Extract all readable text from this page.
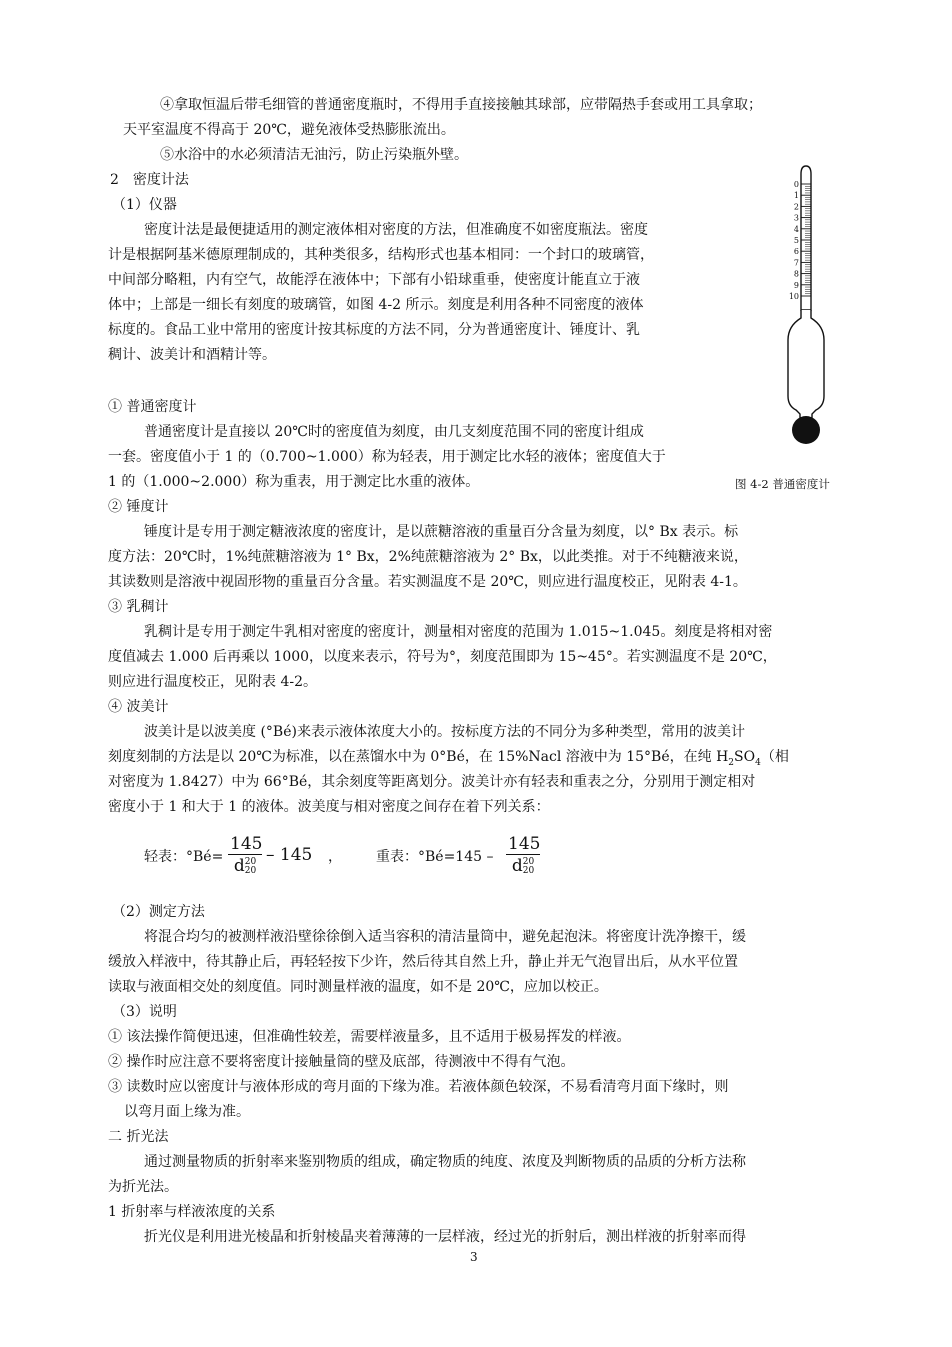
④拿取恒温后带毛细管的普通密度瓶时，不得用手直接接触其球部，应带隔热手套或用工具拿取；
天平室温度不得高于 20℃，避免液体受热膨胀流出。
⑤水浴中的水必须清洁无油污，防止污染瓶外壁。
2　密度计法
（1）仪器
密度计法是最便捷适用的测定液体相对密度的方法，但准确度不如密度瓶法。密度
计是根据阿基米德原理制成的，其种类很多，结构形式也基本相同：一个封口的玻璃管，
中间部分略粗，内有空气，故能浮在液体中；下部有小铅球重垂，使密度计能直立于液
体中；上部是一细长有刻度的玻璃管，如图 4-2 所示。刻度是利用各种不同密度的液体
标度的。食品工业中常用的密度计按其标度的方法不同，分为普通密度计、锤度计、乳
稠计、波美计和酒精计等。
① 普通密度计
普通密度计是直接以 20℃时的密度值为刻度，由几支刻度范围不同的密度计组成
一套。密度值小于 1 的（0.700~1.000）称为轻表，用于测定比水轻的液体；密度值大于
1 的（1.000~2.000）称为重表，用于测定比水重的液体。
② 锤度计
锤度计是专用于测定糖液浓度的密度计，是以蔗糖溶液的重量百分含量为刻度，以° Bx 表示。标
度方法：20℃时，1%纯蔗糖溶液为 1° Bx，2%纯蔗糖溶液为 2° Bx，以此类推。对于不纯糖液来说，
其读数则是溶液中视固形物的重量百分含量。若实测温度不是 20℃，则应进行温度校正，见附表 4-1。
③ 乳稠计
乳稠计是专用于测定牛乳相对密度的密度计，测量相对密度的范围为 1.015~1.045。刻度是将相对密
度值减去 1.000 后再乘以 1000，以度来表示，符号为°，刻度范围即为 15~45°。若实测温度不是 20℃，
则应进行温度校正，见附表 4-2。
④ 波美计
波美计是以波美度 (°Bé)来表示液体浓度大小的。按标度方法的不同分为多种类型，常用的波美计
刻度刻制的方法是以 20℃为标准，以在蒸馏水中为 0°Bé，在 15%Nacl 溶液中为 15°Bé，在纯 $H_2SO_4$（相
对密度为 1.8427）中为 66°Bé，其余刻度等距离划分。波美计亦有轻表和重表之分，分别用于测定相对
密度小于 1 和大于 1 的液体。波美度与相对密度之间存在着下列关系：
轻表：°Bé= 145
d 20
20 – 145 ， 重表：°Bé=145 – 145
d 20
20
（2）测定方法
将混合均匀的被测样液沿壁徐徐倒入适当容积的清洁量筒中，避免起泡沫。将密度计洗净擦干，缓
缓放入样液中，待其静止后，再轻轻按下少许，然后待其自然上升，静止并无气泡冒出后，从水平位置
读取与液面相交处的刻度值。同时测量样液的温度，如不是 20℃，应加以校正。
（3）说明
① 该法操作简便迅速，但准确性较差，需要样液量多，且不适用于极易挥发的样液。
② 操作时应注意不要将密度计接触量筒的壁及底部，待测液中不得有气泡。
③ 读数时应以密度计与液体形成的弯月面的下缘为准。若液体颜色较深，不易看清弯月面下缘时，则
以弯月面上缘为准。
二 折光法
通过测量物质的折射率来鉴别物质的组成，确定物质的纯度、浓度及判断物质的品质的分析方法称
为折光法。
1 折射率与样液浓度的关系
折光仪是利用进光棱晶和折射棱晶夹着薄薄的一层样液，经过光的折射后，测出样液的折射率而得
0
1
2
3
4
5
6
7
8
9
10
图 4-2 普通密度计
3
